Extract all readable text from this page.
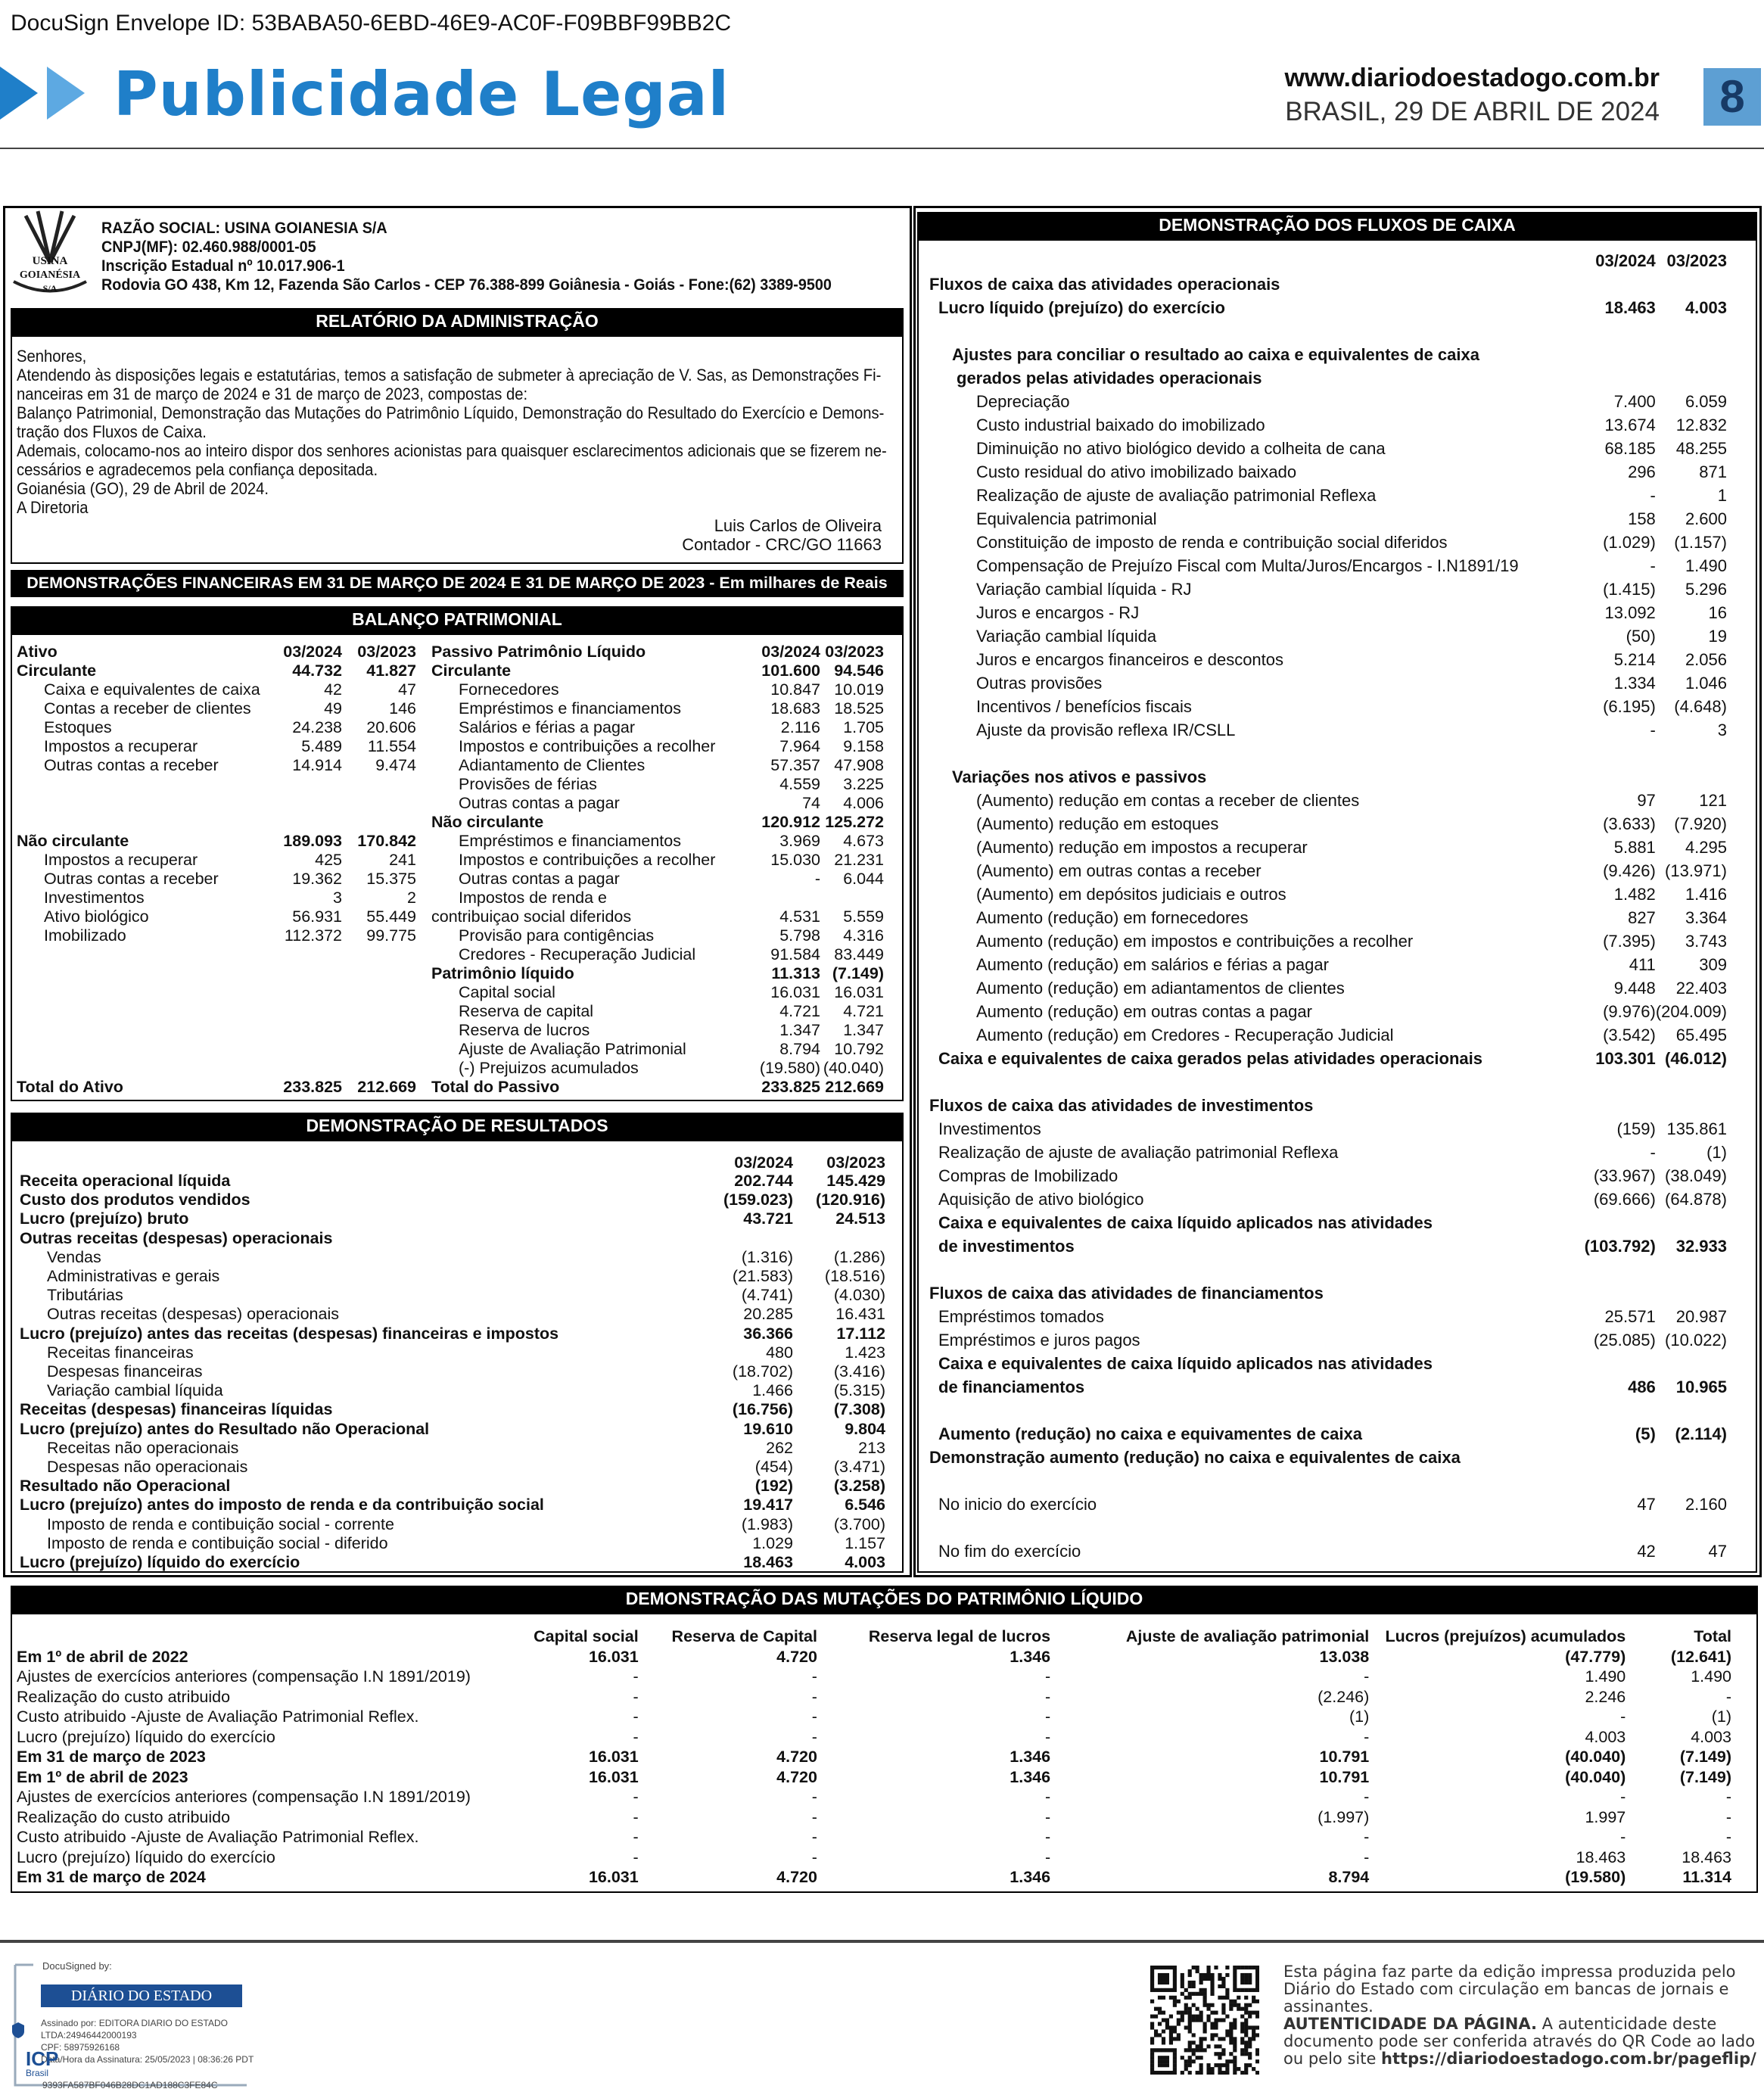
DocuSign Envelope ID: 53BABA50-6EBD-46E9-AC0F-F09BBF99BB2C
Publicidade Legal	www.diariodoestadogo.com.br
BRASIL, 29 DE ABRIL DE 2024	8
USINA
GOIANÉSIA
S/A
RAZÃO SOCIAL: USINA GOIANESIA S/A
CNPJ(MF): 02.460.988/0001-05
Inscrição Estadual nº 10.017.906-1
Rodovia GO 438, Km 12, Fazenda São Carlos - CEP 76.388-899 Goiânesia - Goiás - Fone:(62) 3389-9500
RELATÓRIO DA ADMINISTRAÇÃO
Senhores,
Atendendo às disposições legais e estatutárias, temos a satisfação de submeter à apreciação de V. Sas, as Demonstrações Fi-
nanceiras em 31 de março de 2024 e 31 de março de 2023, compostas de:
Balanço Patrimonial, Demonstração das Mutações do Patrimônio Líquido, Demonstração do Resultado do Exercício e Demons-
tração dos Fluxos de Caixa.
Ademais, colocamo-nos ao inteiro dispor dos senhores acionistas para quaisquer esclarecimentos adicionais que se fizerem ne-
cessários e agradecemos pela confiança depositada.
Goianésia (GO), 29 de Abril de 2024.
A Diretoria
Luis Carlos de Oliveira
Contador - CRC/GO 11663
DEMONSTRAÇÕES FINANCEIRAS EM 31 DE MARÇO DE 2024 E 31 DE MARÇO DE 2023 - Em milhares de Reais
BALANÇO PATRIMONIAL
Ativo	03/2024	03/2023
Circulante	44.732	41.827
Caixa e equivalentes de caixa	42	47
Contas a receber de clientes	49	146
Estoques	24.238	20.606
Impostos a recuperar	5.489	11.554
Outras contas a receber	14.914	9.474

Não circulante	189.093	170.842
Impostos a recuperar	425	241
Outras contas a receber	19.362	15.375
Investimentos	3	2
Ativo biológico	56.931	55.449
Imobilizado	112.372	99.775

Total do Ativo	233.825	212.669
Passivo Patrimônio Líquido	03/2024	03/2023
Circulante	101.600	94.546
Fornecedores	10.847	10.019
Empréstimos e financiamentos	18.683	18.525
Salários e férias a pagar	2.116	1.705
Impostos e contribuições a recolher	7.964	9.158
Adiantamento de Clientes	57.357	47.908
Provisões de férias	4.559	3.225
Outras contas a pagar	74	4.006
Não circulante	120.912	125.272
Empréstimos e financiamentos	3.969	4.673
Impostos e contribuições a recolher	15.030	21.231
Outras contas a pagar	-	6.044
Impostos de renda e		
contribuiçao social diferidos	4.531	5.559
Provisão para contigências	5.798	4.316
Credores - Recuperação Judicial	91.584	83.449
Patrimônio líquido	11.313	(7.149)
Capital social	16.031	16.031
Reserva de capital	4.721	4.721
Reserva de lucros	1.347	1.347
Ajuste de Avaliação Patrimonial	8.794	10.792
(-) Prejuizos acumulados	(19.580)	(40.040)
Total do Passivo	233.825	212.669
DEMONSTRAÇÃO DE RESULTADOS
	03/2024	03/2023
Receita operacional líquida	202.744	145.429
Custo dos produtos vendidos	(159.023)	(120.916)
Lucro (prejuízo) bruto	43.721	24.513
Outras receitas (despesas) operacionais		
Vendas	(1.316)	(1.286)
Administrativas e gerais	(21.583)	(18.516)
Tributárias	(4.741)	(4.030)
Outras receitas (despesas) operacionais	20.285	16.431
Lucro (prejuízo) antes das receitas (despesas) financeiras e impostos	36.366	17.112
Receitas financeiras	480	1.423
Despesas financeiras	(18.702)	(3.416)
Variação cambial líquida	1.466	(5.315)
Receitas (despesas) financeiras líquidas	(16.756)	(7.308)
Lucro (prejuízo) antes do Resultado não Operacional	19.610	9.804
Receitas não operacionais	262	213
Despesas não operacionais	(454)	(3.471)
Resultado não Operacional	(192)	(3.258)
Lucro (prejuízo) antes do imposto de renda e da contribuição social	19.417	6.546
Imposto de renda e contibuição social - corrente	(1.983)	(3.700)
Imposto de renda e contibuição social - diferido	1.029	1.157
Lucro (prejuízo) líquido do exercício	18.463	4.003
DEMONSTRAÇÃO DOS FLUXOS DE CAIXA
	03/2024	03/2023
Fluxos de caixa das atividades operacionais		
Lucro líquido (prejuízo) do exercício	18.463	4.003

Ajustes para conciliar o resultado ao caixa e equivalentes de caixa		
gerados pelas atividades operacionais		
Depreciação	7.400	6.059
Custo industrial baixado do imobilizado	13.674	12.832
Diminuição no ativo biológico devido a colheita de cana	68.185	48.255
Custo residual do ativo imobilizado baixado	296	871
Realização de ajuste de avaliação patrimonial Reflexa	-	1
Equivalencia patrimonial	158	2.600
Constituição de imposto de renda e contribuição social diferidos	(1.029)	(1.157)
Compensação de Prejuízo Fiscal com Multa/Juros/Encargos - I.N1891/19	-	1.490
Variação cambial líquida - RJ	(1.415)	5.296
Juros e encargos - RJ	13.092	16
Variação cambial líquida	(50)	19
Juros e encargos financeiros e descontos	5.214	2.056
Outras provisões	1.334	1.046
Incentivos / benefícios fiscais	(6.195)	(4.648)
Ajuste da provisão reflexa IR/CSLL	-	3

Variações nos ativos e passivos		
(Aumento) redução em contas a receber de clientes	97	121
(Aumento) redução em estoques	(3.633)	(7.920)
(Aumento) redução em impostos a recuperar	5.881	4.295
(Aumento) em outras contas a receber	(9.426)	(13.971)
(Aumento) em depósitos judiciais e outros	1.482	1.416
Aumento (redução) em fornecedores	827	3.364
Aumento (redução) em impostos e contribuições a recolher	(7.395)	3.743
Aumento (redução) em salários e férias a pagar	411	309
Aumento (redução) em adiantamentos de clientes	9.448	22.403
Aumento (redução) em outras contas a pagar	(9.976)	(204.009)
Aumento (redução) em Credores - Recuperação Judicial	(3.542)	65.495
Caixa e equivalentes de caixa gerados pelas atividades operacionais	103.301	(46.012)

Fluxos de caixa das atividades de investimentos		
Investimentos	(159)	135.861
Realização de ajuste de avaliação patrimonial Reflexa	-	(1)
Compras de Imobilizado	(33.967)	(38.049)
Aquisição de ativo biológico	(69.666)	(64.878)
Caixa e equivalentes de caixa líquido aplicados nas atividades		
de investimentos	(103.792)	32.933

Fluxos de caixa das atividades de financiamentos		
Empréstimos tomados	25.571	20.987
Empréstimos e juros pagos	(25.085)	(10.022)
Caixa e equivalentes de caixa líquido aplicados nas atividades		
de financiamentos	486	10.965

Aumento (redução) no caixa e equivamentes de caixa	(5)	(2.114)
Demonstração aumento (redução) no caixa e equivalentes de caixa		

No inicio do exercício	47	2.160

No fim do exercício	42	47
DEMONSTRAÇÃO DAS MUTAÇÕES DO PATRIMÔNIO LÍQUIDO
	Capital social	Reserva de Capital	Reserva legal de lucros	Ajuste de avaliação patrimonial	Lucros (prejuízos) acumulados	Total
Em 1º de abril de 2022	16.031	4.720	1.346	13.038	(47.779)	(12.641)
Ajustes de exercícios anteriores (compensação I.N 1891/2019)	-	-	-	-	1.490	1.490
Realização do custo atribuido	-	-	-	(2.246)	2.246	-
Custo atribuido -Ajuste de Avaliação Patrimonial Reflex.	-	-	-	(1)	-	(1)
Lucro (prejuízo) líquido do exercício	-	-	-	-	4.003	4.003
Em 31 de março de 2023	16.031	4.720	1.346	10.791	(40.040)	(7.149)
Em 1º de abril de 2023	16.031	4.720	1.346	10.791	(40.040)	(7.149)
Ajustes de exercícios anteriores (compensação I.N 1891/2019)	-	-	-	-	-	-
Realização do custo atribuido	-	-	-	(1.997)	1.997	-
Custo atribuido -Ajuste de Avaliação Patrimonial Reflex.	-	-	-	-	-	-
Lucro (prejuízo) líquido do exercício	-	-	-	-	18.463	18.463
Em 31 de março de 2024	16.031	4.720	1.346	8.794	(19.580)	11.314
DocuSigned by:
DIÁRIO DO ESTADO
Assinado por: EDITORA DIARIO DO ESTADO LTDA:24946442000193
CPF: 58975926168
Data/Hora da Assinatura: 25/05/2023 | 08:36:26 PDT
ICP
Brasil
9393FA587BF046B28DC1AD188C3FE84C
Esta página faz parte da edição impressa produzida pelo
Diário do Estado com circulação em bancas de jornais e
assinantes.
AUTENTICIDADE DA PÁGINA. A autenticidade deste
documento pode ser conferida através do QR Code ao lado
ou pelo site https://diariodoestadogo.com.br/pageflip/
